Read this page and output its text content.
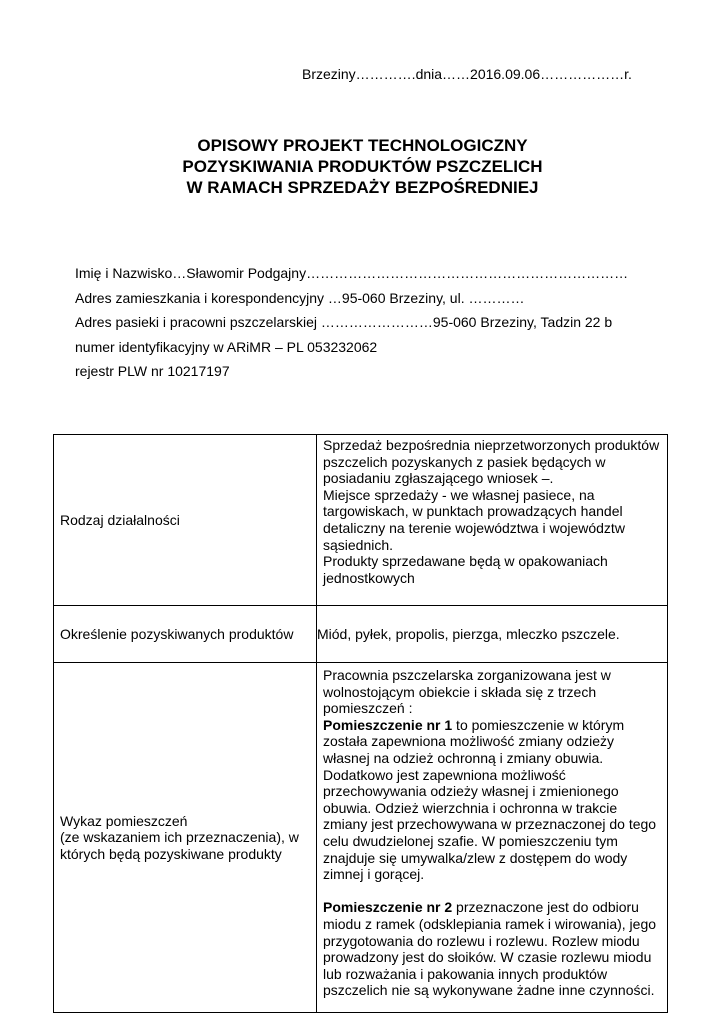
Brzeziny………….dnia……2016.09.06………………r.
OPISOWY PROJEKT TECHNOLOGICZNY
POZYSKIWANIA PRODUKTÓW PSZCZELICH
W RAMACH SPRZEDAŻY BEZPOŚREDNIEJ
Imię i Nazwisko…Sławomir Podgajny……………………………………………………………
Adres zamieszkania i korespondencyjny …95-060 Brzeziny, ul. …………
Adres pasieki i pracowni pszczelarskiej ……………………95-060 Brzeziny, Tadzin 22 b
numer identyfikacyjny w ARiMR – PL 053232062
rejestr PLW nr 10217197
Rodzaj działalności	Sprzedaż bezpośrednia nieprzetworzonych produktów pszczelich pozyskanych z pasiek będących w posiadaniu zgłaszającego wniosek –.
Miejsce sprzedaży - we własnej pasiece, na targowiskach, w punktach prowadzących handel detaliczny na terenie województwa i województw sąsiednich.
Produkty sprzedawane będą w opakowaniach jednostkowych

Określenie pozyskiwanych produktów	Miód, pyłek, propolis, pierzga, mleczko pszczele.
Wykaz pomieszczeń
(ze wskazaniem ich przeznaczenia), w których będą pozyskiwane produkty	Pracownia pszczelarska zorganizowana jest w wolnostojącym obiekcie i składa się z trzech pomieszczeń :
Pomieszczenie nr 1 to pomieszczenie w którym została zapewniona możliwość zmiany odzieży własnej na odzież ochronną i zmiany obuwia. Dodatkowo jest zapewniona możliwość przechowywania odzieży własnej i zmienionego obuwia. Odzież wierzchnia i ochronna w trakcie zmiany jest przechowywana w przeznaczonej do tego celu dwudzielonej szafie. W pomieszczeniu tym znajduje się umywalka/zlew z dostępem do wody zimnej i gorącej.
Pomieszczenie nr 2 przeznaczone jest do odbioru miodu z ramek (odsklepiania ramek i wirowania), jego przygotowania do rozlewu i rozlewu. Rozlew miodu prowadzony jest do słoików. W czasie rozlewu miodu lub rozważania i pakowania innych produktów pszczelich nie są wykonywane żadne inne czynności.
